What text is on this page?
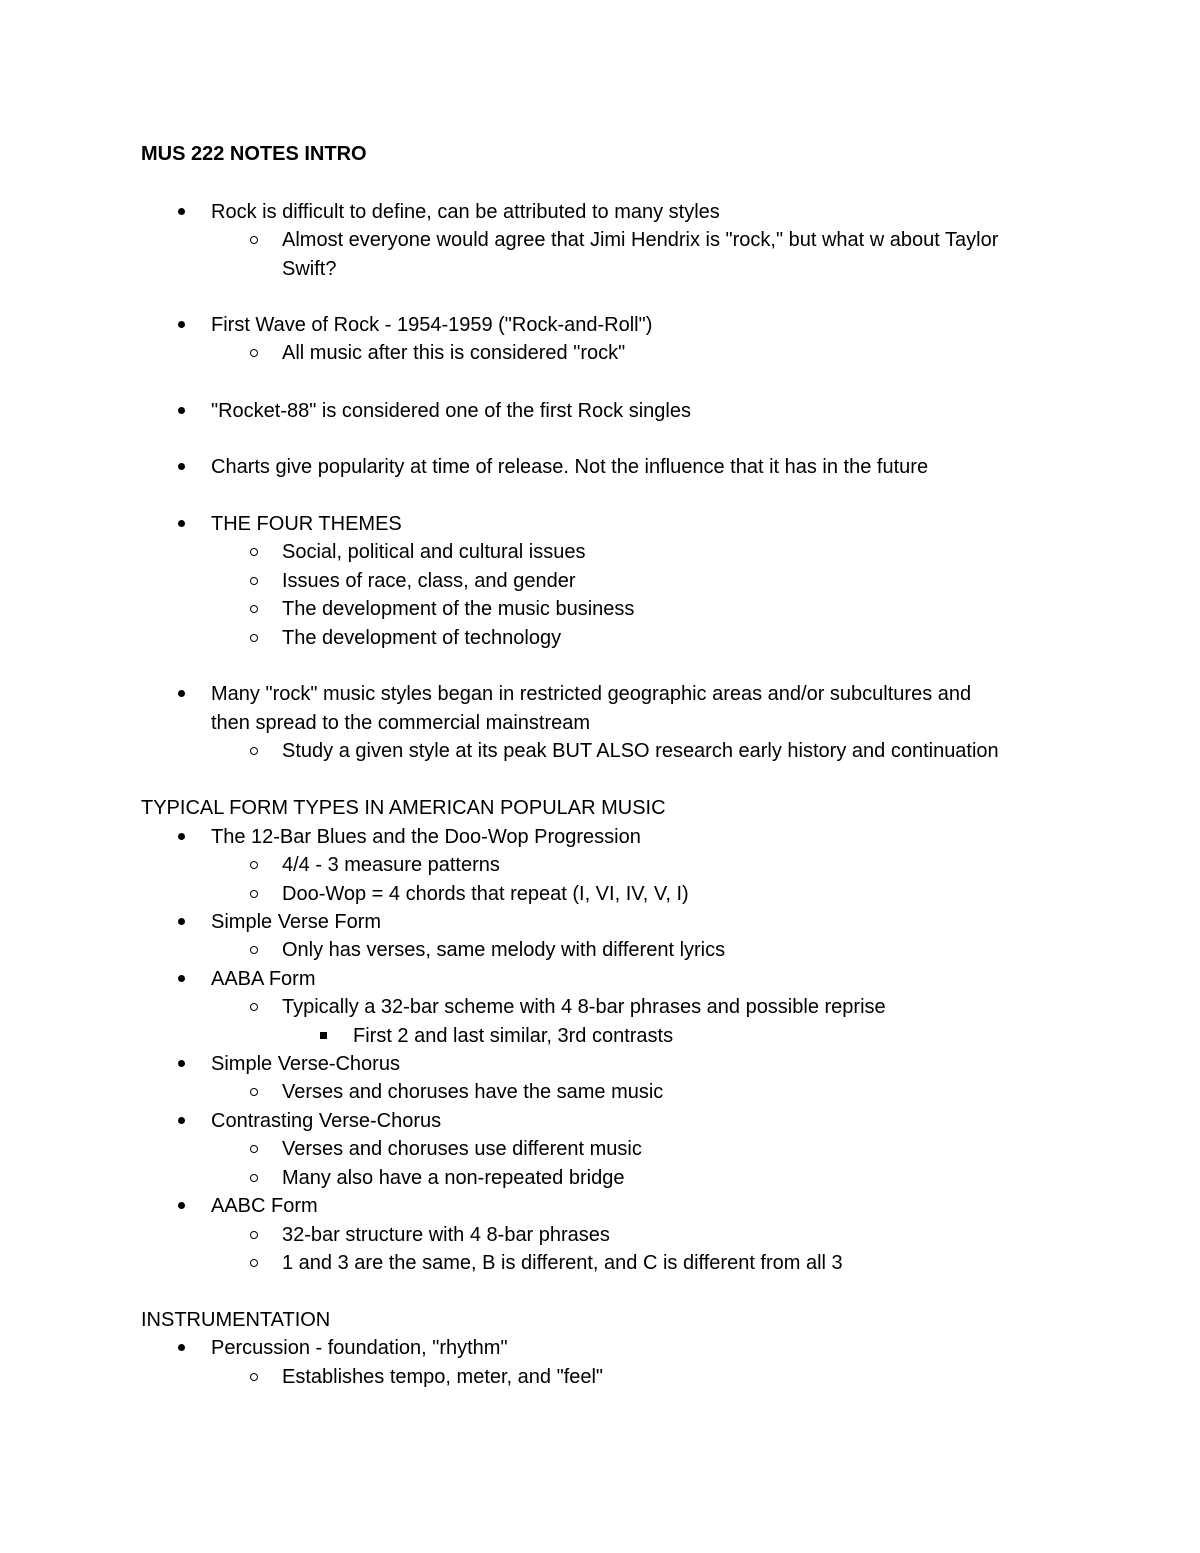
MUS 222 NOTES INTRO
Rock is difficult to define, can be attributed to many styles
Almost everyone would agree that Jimi Hendrix is "rock," but what w about Taylor
Swift?
First Wave of Rock - 1954-1959 ("Rock-and-Roll")
All music after this is considered "rock"
"Rocket-88" is considered one of the first Rock singles
Charts give popularity at time of release. Not the influence that it has in the future
THE FOUR THEMES
Social, political and cultural issues
Issues of race, class, and gender
The development of the music business
The development of technology
Many "rock" music styles began in restricted geographic areas and/or subcultures and
then spread to the commercial mainstream
Study a given style at its peak BUT ALSO research early history and continuation
TYPICAL FORM TYPES IN AMERICAN POPULAR MUSIC
The 12-Bar Blues and the Doo-Wop Progression
4/4 - 3 measure patterns
Doo-Wop = 4 chords that repeat (I, VI, IV, V, I)
Simple Verse Form
Only has verses, same melody with different lyrics
AABA Form
Typically a 32-bar scheme with 4 8-bar phrases and possible reprise
First 2 and last similar, 3rd contrasts
Simple Verse-Chorus
Verses and choruses have the same music
Contrasting Verse-Chorus
Verses and choruses use different music
Many also have a non-repeated bridge
AABC Form
32-bar structure with 4 8-bar phrases
1 and 3 are the same, B is different, and C is different from all 3
INSTRUMENTATION
Percussion - foundation, "rhythm"
Establishes tempo, meter, and "feel"
